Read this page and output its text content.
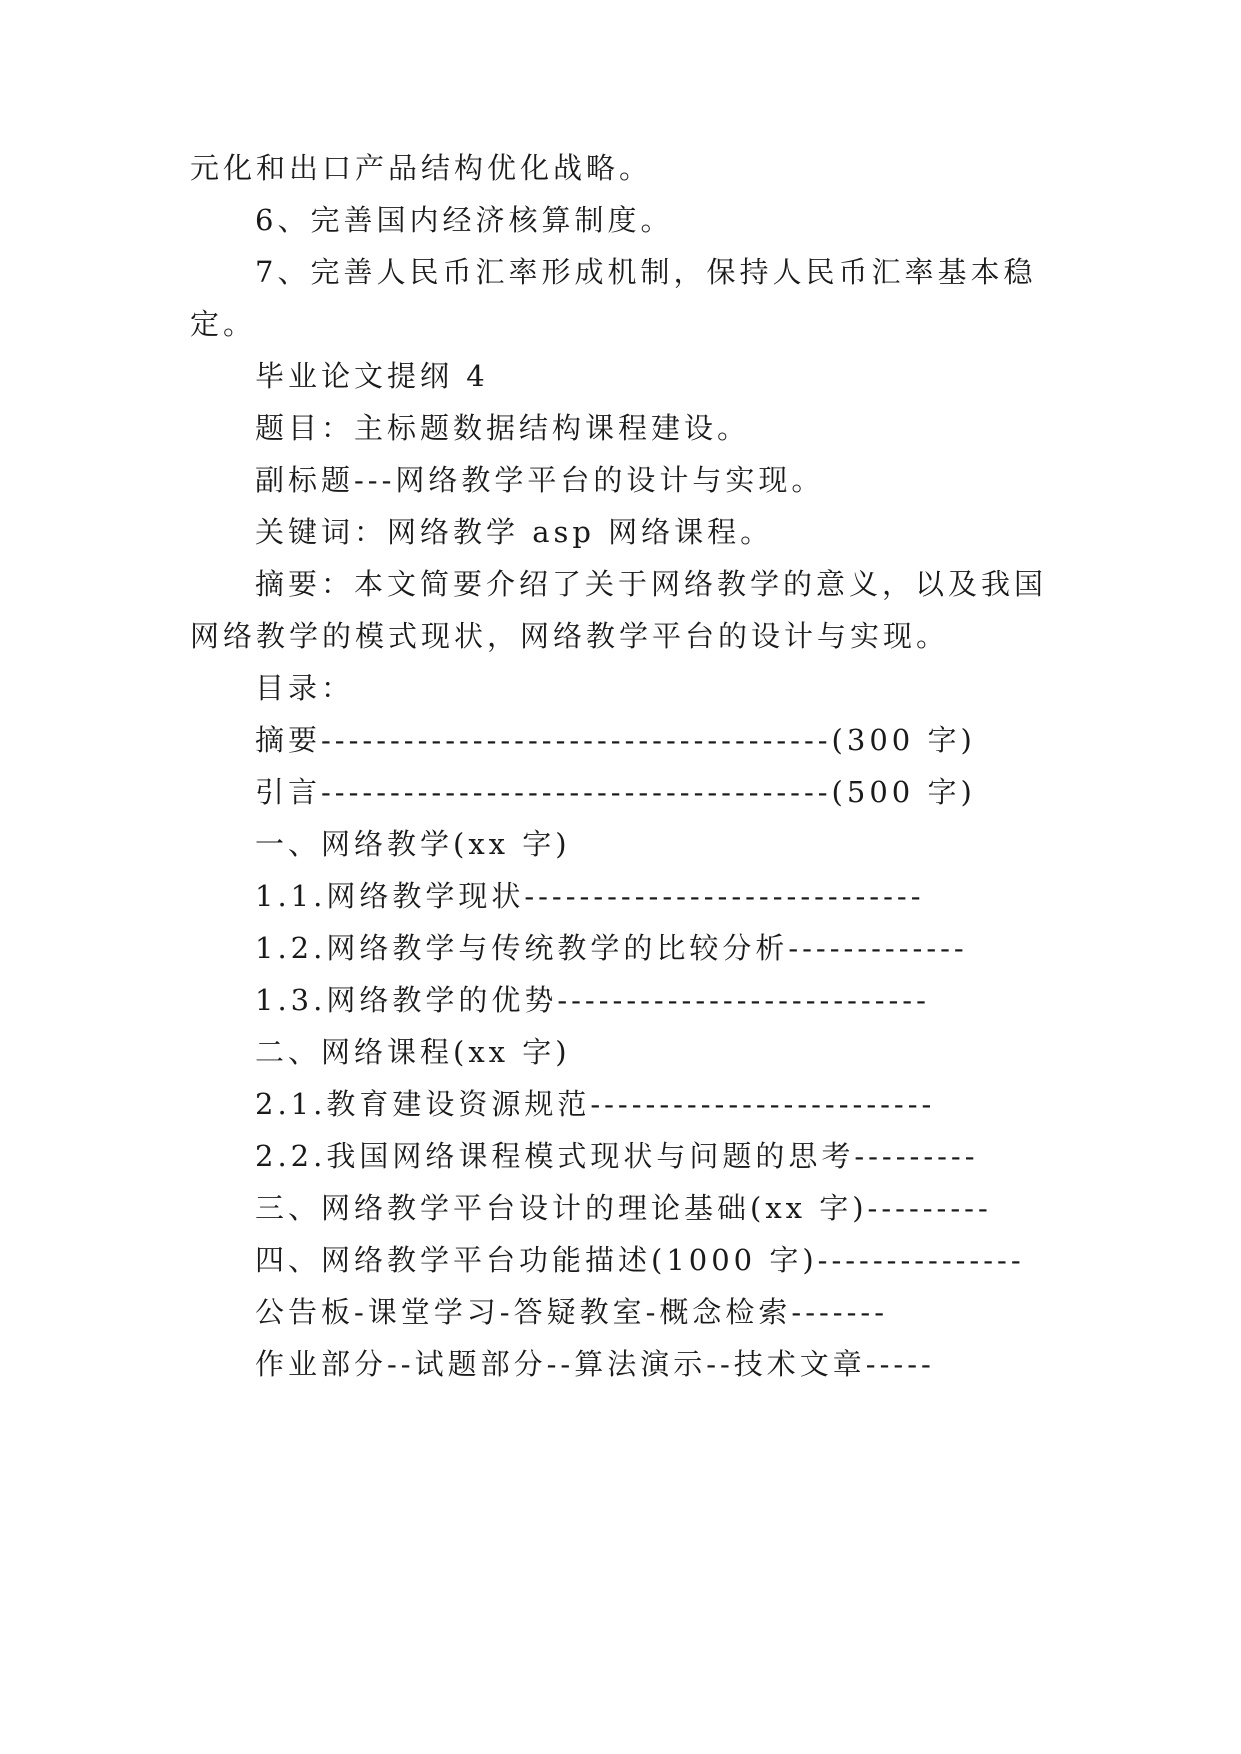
元化和出口产品结构优化战略。
6、完善国内经济核算制度。
7、完善人民币汇率形成机制，保持人民币汇率基本稳
定。
毕业论文提纲 4
题目：主标题数据结构课程建设。
副标题---网络教学平台的设计与实现。
关键词：网络教学 asp 网络课程。
摘要：本文简要介绍了关于网络教学的意义，以及我国
网络教学的模式现状，网络教学平台的设计与实现。
目录：
摘要-------------------------------------(300 字)
引言-------------------------------------(500 字)
一、网络教学(xx 字)
1.1.网络教学现状-----------------------------
1.2.网络教学与传统教学的比较分析-------------
1.3.网络教学的优势---------------------------
二、网络课程(xx 字)
2.1.教育建设资源规范-------------------------
2.2.我国网络课程模式现状与问题的思考---------
三、网络教学平台设计的理论基础(xx 字)---------
四、网络教学平台功能描述(1000 字)---------------
公告板-课堂学习-答疑教室-概念检索-------
作业部分--试题部分--算法演示--技术文章-----
